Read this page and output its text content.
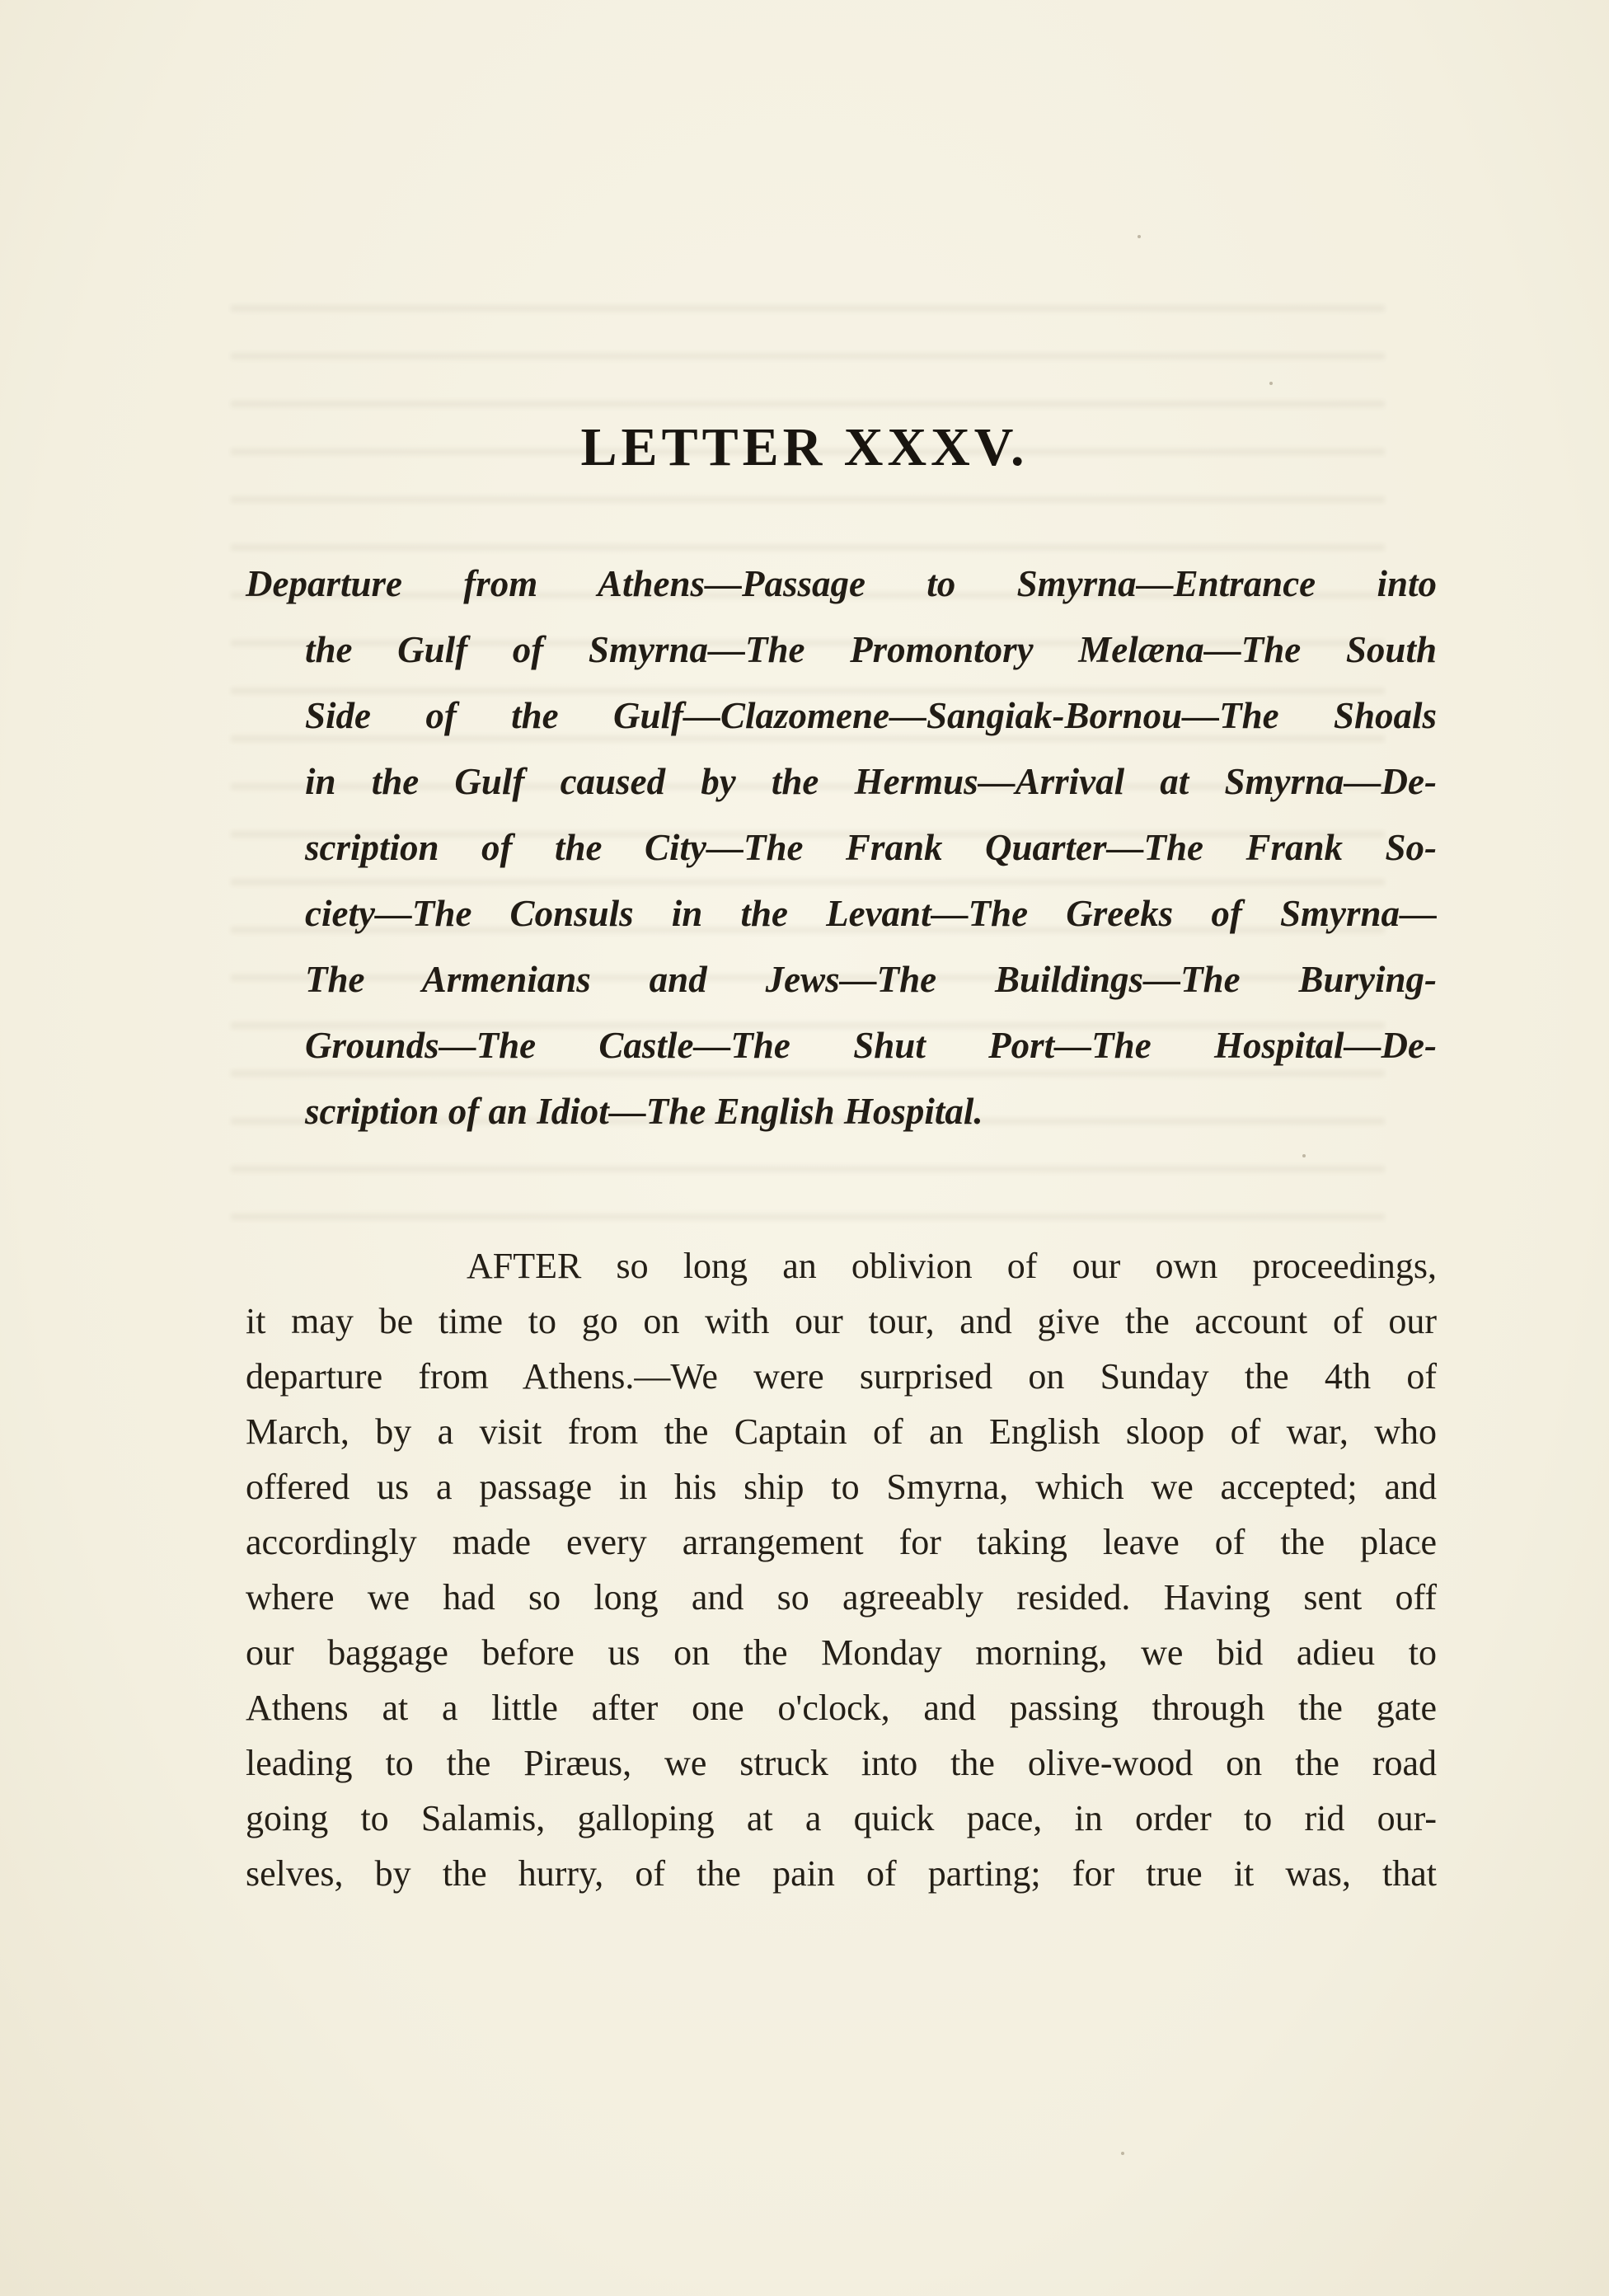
LETTER XXXV.
Departure from Athens—Passage to Smyrna—Entrance into
the Gulf of Smyrna—The Promontory Melæna—The South
Side of the Gulf—Clazomene—Sangiak-Bornou—The Shoals
in the Gulf caused by the Hermus—Arrival at Smyrna—De-
scription of the City—The Frank Quarter—The Frank So-
ciety—The Consuls in the Levant—The Greeks of Smyrna—
The Armenians and Jews—The Buildings—The Burying-
Grounds—The Castle—The Shut Port—The Hospital—De-
scription of an Idiot—The English Hospital.
AFTER so long an oblivion of our own proceedings,
it may be time to go on with our tour, and give the account of our
departure from Athens.—We were surprised on Sunday the 4th of
March, by a visit from the Captain of an English sloop of war, who
offered us a passage in his ship to Smyrna, which we accepted; and
accordingly made every arrangement for taking leave of the place
where we had so long and so agreeably resided. Having sent off
our baggage before us on the Monday morning, we bid adieu to
Athens at a little after one o'clock, and passing through the gate
leading to the Piræus, we struck into the olive-wood on the road
going to Salamis, galloping at a quick pace, in order to rid our-
selves, by the hurry, of the pain of parting; for true it was, that
